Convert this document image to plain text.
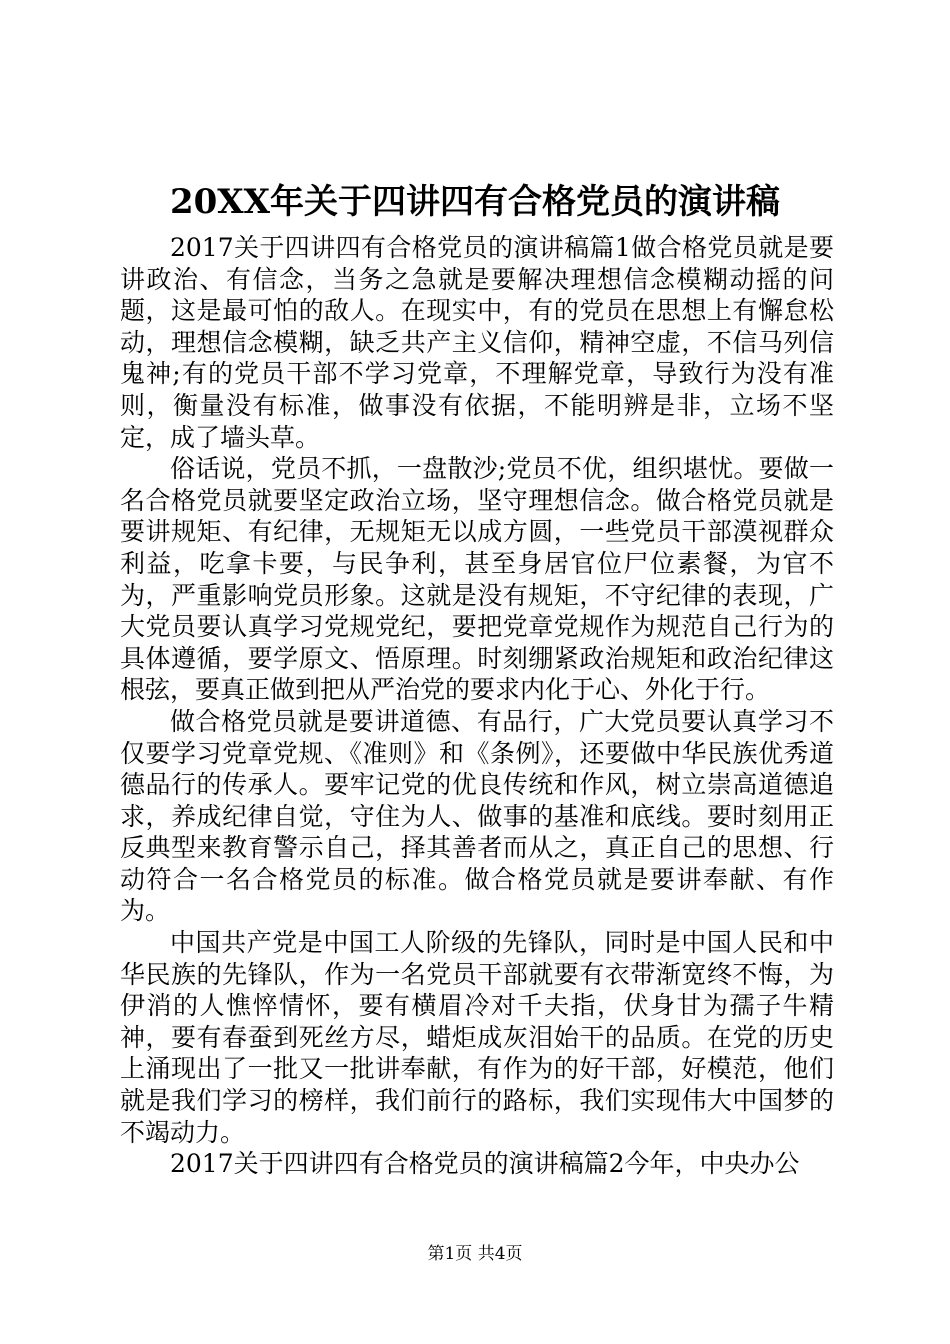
20XX年关于四讲四有合格党员的演讲稿

2017关于四讲四有合格党员的演讲稿篇1做合格党员就是要讲政治、有信念，当务之急就是要解决理想信念模糊动摇的问题，这是最可怕的敌人。在现实中，有的党员在思想上有懈怠松动，理想信念模糊，缺乏共产主义信仰，精神空虚，不信马列信鬼神;有的党员干部不学习党章，不理解党章，导致行为没有准则，衡量没有标准，做事没有依据，不能明辨是非，立场不坚定，成了墙头草。

俗话说，党员不抓，一盘散沙;党员不优，组织堪忧。要做一名合格党员就要坚定政治立场，坚守理想信念。做合格党员就是要讲规矩、有纪律，无规矩无以成方圆，一些党员干部漠视群众利益，吃拿卡要，与民争利，甚至身居官位尸位素餐，为官不为，严重影响党员形象。这就是没有规矩，不守纪律的表现，广大党员要认真学习党规党纪，要把党章党规作为规范自己行为的具体遵循，要学原文、悟原理。时刻绷紧政治规矩和政治纪律这根弦，要真正做到把从严治党的要求内化于心、外化于行。

做合格党员就是要讲道德、有品行，广大党员要认真学习不仅要学习党章党规、《准则》和《条例》，还要做中华民族优秀道德品行的传承人。要牢记党的优良传统和作风，树立崇高道德追求，养成纪律自觉，守住为人、做事的基准和底线。要时刻用正反典型来教育警示自己，择其善者而从之，真正自己的思想、行动符合一名合格党员的标准。做合格党员就是要讲奉献、有作为。

中国共产党是中国工人阶级的先锋队，同时是中国人民和中华民族的先锋队，作为一名党员干部就要有衣带渐宽终不悔，为伊消的人憔悴情怀，要有横眉冷对千夫指，伏身甘为孺子牛精神，要有春蚕到死丝方尽，蜡炬成灰泪始干的品质。在党的历史上涌现出了一批又一批讲奉献，有作为的好干部，好模范，他们就是我们学习的榜样，我们前行的路标，我们实现伟大中国梦的不竭动力。

2017关于四讲四有合格党员的演讲稿篇2今年，中央办公

第1页 共4页
